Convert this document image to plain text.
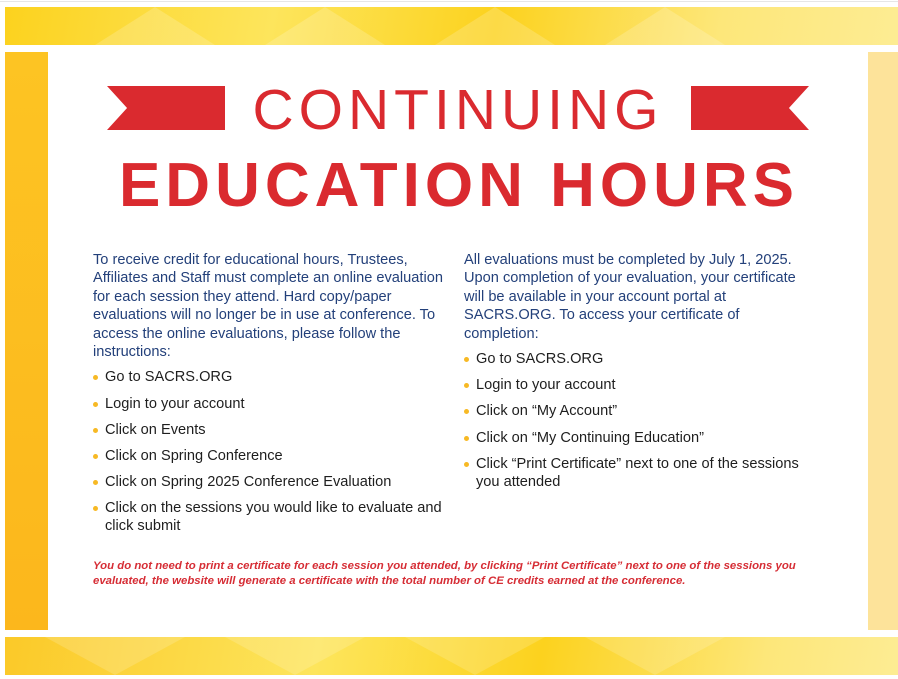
CONTINUING
EDUCATION HOURS

To receive credit for educational hours, Trustees, Affiliates and Staff must complete an online evaluation for each session they attend. Hard copy/paper evaluations will no longer be in use at conference. To access the online evaluations, please follow the instructions:

Go to SACRS.ORG
Login to your account
Click on Events
Click on Spring Conference
Click on Spring 2025 Conference Evaluation
Click on the sessions you would like to evaluate and click submit

All evaluations must be completed by July 1, 2025. Upon completion of your evaluation, your certificate will be available in your account portal at SACRS.ORG. To access your certificate of completion:

Go to SACRS.ORG
Login to your account
Click on “My Account”
Click on “My Continuing Education”
Click “Print Certificate” next to one of the sessions you attended
You do not need to print a certificate for each session you attended, by clicking “Print Certificate” next to one of the sessions you evaluated, the website will generate a certificate with the total number of CE credits earned at the conference.
